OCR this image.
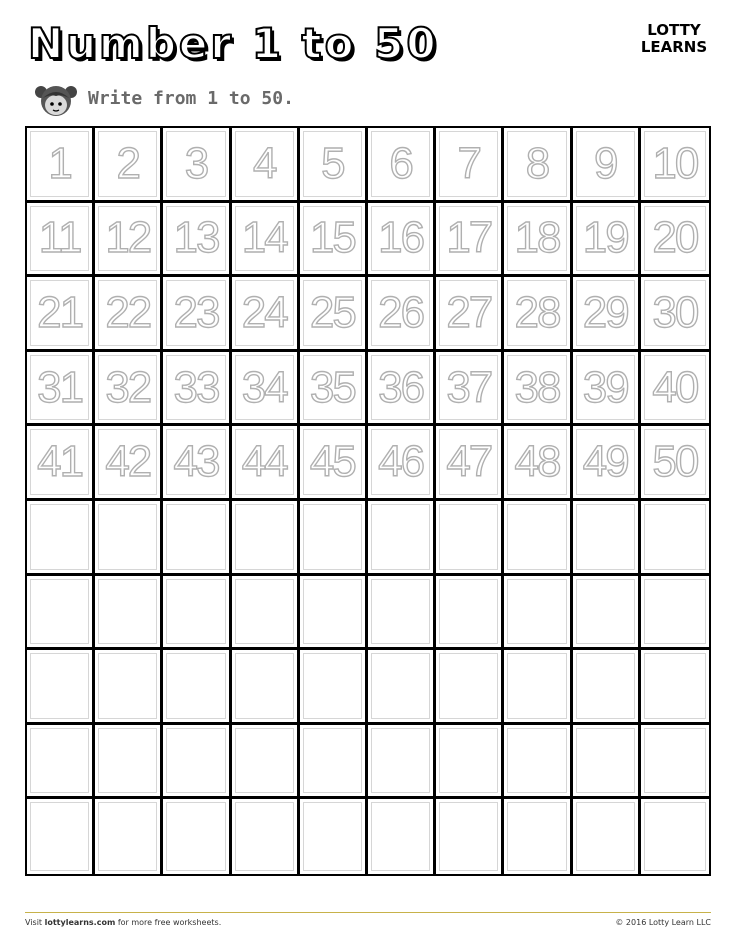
Number 1 to 50	LOTTY
LEARNS
Write from 1 to 50.
1	2	3	4	5	6	7	8	9 10
11 12 13 14 15 16 17 18 19 20
21 22 23 24 25 26 27 28 29 30
31 32 33 34 35 36 37 38 39 40
41 42 43 44 45 46 47 48 49 50
Visit lottylearns.com for more free worksheets.	© 2016 Lotty Learn LLC
